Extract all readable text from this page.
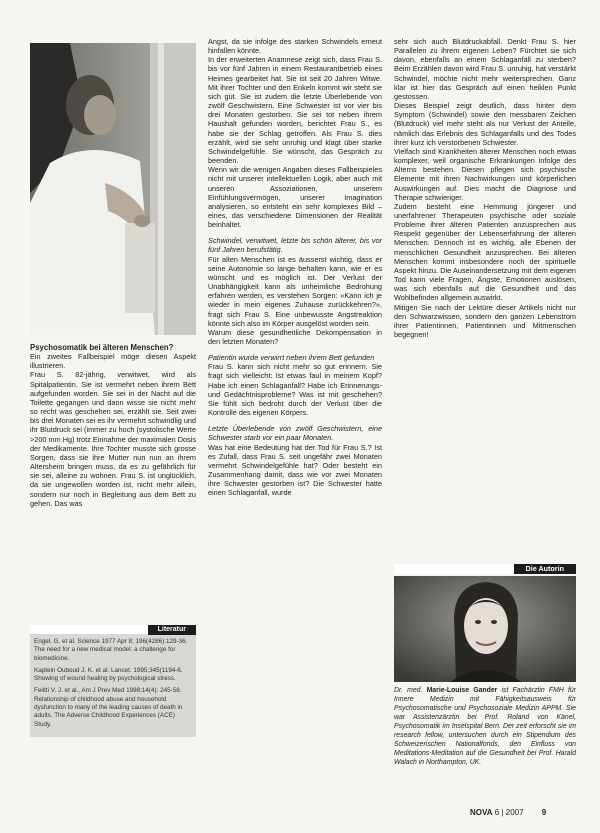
Psychosomatik bei älteren Menschen?

Ein zweites Fallbeispiel möge diesen Aspekt illustrieren.

Frau S. 82-jährig, verwitwet, wird als Spitalpatientin. Sie ist vermehrt neben ihrem Bett aufgefunden worden. Sie sei in der Nacht auf die Toilette gegangen und dann wisse sie nicht mehr so recht was geschehen sei, erzählt sie. Seit zwei bis drei Monaten sei es ihr vermehrt schwindlig und ihr Blutdruck sei (immer zu hoch (systolische Werte >200 mm Hg) trotz Einnahme der maximalen Dosis der Medikamente. Ihre Tochter musste sich grosse Sorgen, dass sie ihre Mutter nun nun an ihrem Altersheim bringen muss, da es zu gefährlich für sie sei, alleine zu wohnen. Frau S. ist unglücklich, da sie ungewollen worden ist, nicht mehr allein, sondern nur noch in Begleitung aus dem Bett zu gehen. Das was

Literatur

Engel, G. et al. Science 1977 Apr 8; 196(4286):129-36. The need for a new medical model: a challenge for biomedicine.

Kaptein Ouboud J. K. et al. Lancet. 1995;345(1194-6. Showing of wound healing by psychological stress.

Felitti V. J. et al., Am J Prev Med 1998;14(4): 245-58. Relationship of childhood abuse and household dysfunction to many of the leading causes of death in adults. The Adverse Childhood Experiences (ACE) Study.

Angst, da sie infolge des starken Schwindels erneut hinfallen könnte.

In der erweiterten Anamnese zeigt sich, dass Frau S. bis vor fünf Jahren in einem Restaurantbetrieb eines Heimes gearbeitet hat. Sie ist seit 20 Jahren Witwe. Mit ihrer Tochter und den Enkeln kommt wir steht sie sich gut. Sie ist zudem die letzte Überlebende von zwölf Geschwistern. Eine Schwester ist vor vier bis drei Monaten gestorben. Sie sei tot neben ihrem Haushalt gefunden worden, berichtet Frau S., es habe sie der Schlag getroffen. Als Frau S. dies erzählt, wird sie sehr unruhig und klagt über starke Schwindelgefühle. Sie wünscht, das Gespräch zu beenden.

Wenn wir die wenigen Angaben dieses Fallbeispieles nicht mit unserer intellektuellen Logik, aber auch mit unseren Assoziationen, unserem Einfühlungsvermögen, unserer Imagination analysieren, so entsteht ein sehr komplexes Bild – eines, das verschiedene Dimensionen der Realität beinhaltet.

Schwindel, verwitwet, letzte bis schön älterer, bis vor fünf Jahren berufstätig.

Für alten Menschen ist es äusserst wichtig, dass er seine Autonomie so lange behalten kann, wie er es wünscht und es möglich ist. Der Verlust der Unabhängigkeit kann als unheimliche Bedrohung erfahren werden, es verstehen Sorgen: «Kann ich je wieder in mein eigenes Zuhause zurückkehren?», fragt sich Frau S. Eine unbewusste Angstreaktion könnte sich also im Körper ausgelöst worden sein.

Warum diese gesundheitliche Dekompensation in den letzten Monaten?

Patientin wurde verwirrt neben ihrem Bett gefunden

Frau S. kann sich nicht mehr so gut erinnern. Sie fragt sich vielleicht: Ist etwas faul in meinem Kopf? Habe ich einen Schlaganfall? Habe ich Erinnerungs- und Gedächtnisprobleme? Was ist mit geschehen? Sie fühlt sich bedroht durch der Verlust über die Kontrolle des eigenen Körpers.

Letzte Überlebende von zwölf Geschwistern, eine Schwester starb vor ein paar Monaten.

Was hat eine Bedeutung hat der Tod für Frau S.? Ist es Zufall, dass Frau S. seit ungefähr zwei Monaten vermehrt Schwindelgefühle hat? Oder besteht ein Zusammenhang damit, dass wie vor zwei Monaten ihre Schwester gestorben ist? Die Schwester hatte einen Schlaganfall, wurde

sehr sich auch Blutdruckabfall. Denkt Frau S. hier Parallelen zu ihrem eigenen Leben? Fürchtet sie sich davon, ebenfalls an einem Schlaganfall zu sterben? Beim Erzählen davon wird Frau S. unruhig, hat verstärkt Schwindel, möchte nicht mehr weitersprechen. Ganz klar ist hier das Gespräch auf einen heiklen Punkt gestossen.

Dieses Beispiel zeigt deutlich, dass hinter dem Symptom (Schwindel) sowie den messbaren Zeichen (Blutdruck) viel mehr steht als nur Verlust der Anteile, nämlich das Erlebnis des Schlaganfalls und des Todes ihrer kurz ich verstorbenen Schwester.

Vielfach sind Krankheiten älterer Menschen noch etwas komplexer, weil organische Erkrankungen infolge des Alterns bestehen. Diesen pflegen sich psychische Elemente mit ihren Nachwirkungen und körperlichen Auswirkungen auf. Dies macht die Diagnose und Therapie schwieriger.

Zudem besteht eine Hemmung jüngerer und unerfahrener Therapeuten psychische oder soziale Probleme ihrer älteren Patienten anzusprechen aus Respekt gegenüber der Lebenserfahrung der älteren Menschen. Dennoch ist es wichtig, alle Ebenen der menschlichen Gesundheit anzusprechen. Bei älteren Menschen kommt insbesondere noch der spirituelle Aspekt hinzu. Die Auseinandersetzung mit dem eigenen Tod kann viele Fragen, Ängste, Emotionen auslösen, was sich ebenfalls auf die Gesundheit und das Wohlbefinden allgemein auswirkt.

Mitigen Sie nach der Lektüre dieser Artikels nicht nur den Schwarzwissen, sondern den ganzen Lebenstrom ihrer Patientinnen, Patientinnen und Mitmenschen begegnen!

Die Autorin
Dr. med. Marie-Louise Gander ist Fachärztin FMH für Innere Medizin mit Fähigkeitsausweis für Psychosomatische und Psychosoziale Medizin APPM. Sie war Assistenzärztin bei Prof. Roland von Känel, Psychosomatik im Inselspital Bern. Der zeit erforscht sie im research fellow, untersuchen durch ein Stipendium des Schweizerischen Nationalfonds, den Einfluss von Meditations-Meditation auf die Gesundheit bei Prof. Harald Walach in Northampton, UK.
NOVA 6 | 2007 9
